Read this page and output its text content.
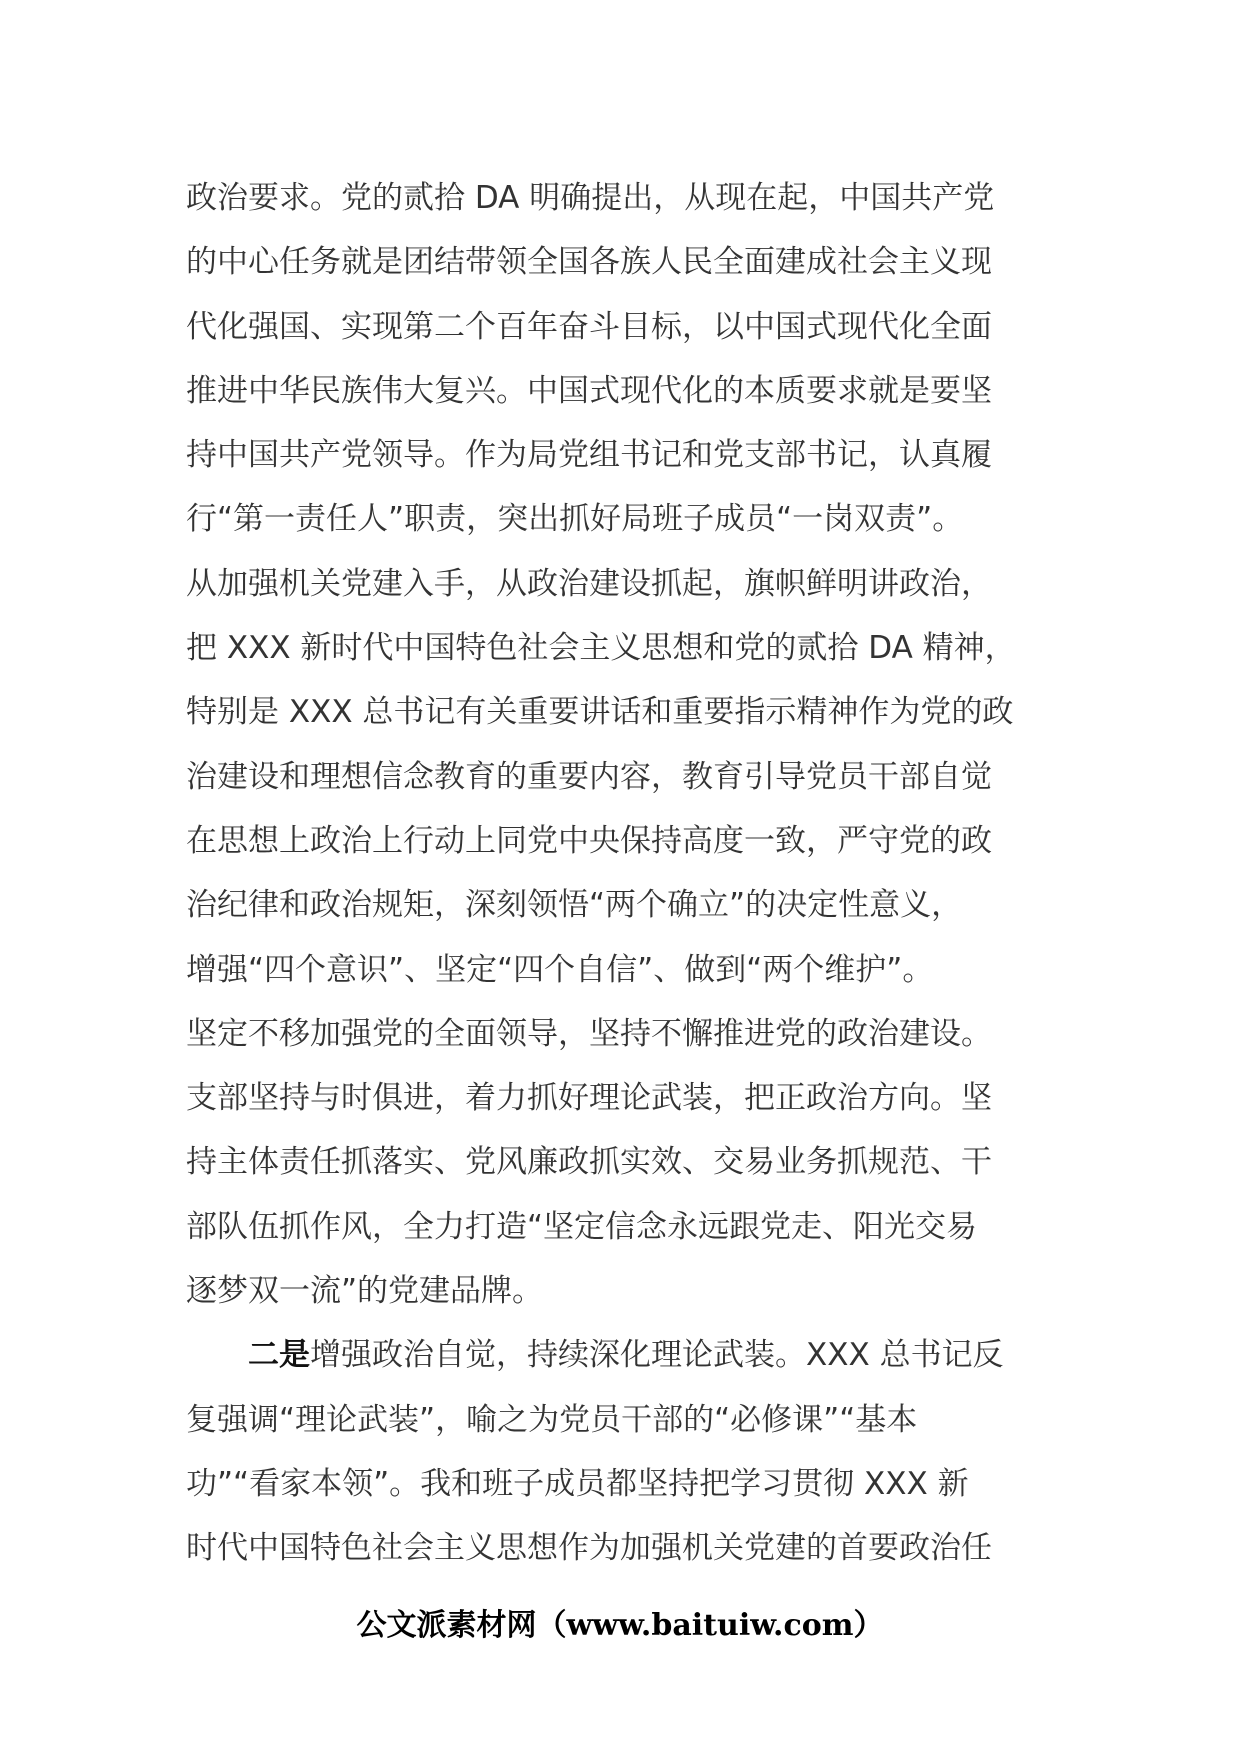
政治要求。党的贰拾 DA 明确提出，从现在起，中国共产党
的中心任务就是团结带领全国各族人民全面建成社会主义现
代化强国、实现第二个百年奋斗目标，以中国式现代化全面
推进中华民族伟大复兴。中国式现代化的本质要求就是要坚
持中国共产党领导。作为局党组书记和党支部书记，认真履
行“第一责任人”职责，突出抓好局班子成员“一岗双责”。
从加强机关党建入手，从政治建设抓起，旗帜鲜明讲政治，
把 XXX 新时代中国特色社会主义思想和党的贰拾 DA 精神，
特别是 XXX 总书记有关重要讲话和重要指示精神作为党的政
治建设和理想信念教育的重要内容，教育引导党员干部自觉
在思想上政治上行动上同党中央保持高度一致，严守党的政
治纪律和政治规矩，深刻领悟“两个确立”的决定性意义，
增强“四个意识”、坚定“四个自信”、做到“两个维护”。
坚定不移加强党的全面领导，坚持不懈推进党的政治建设。
支部坚持与时俱进，着力抓好理论武装，把正政治方向。坚
持主体责任抓落实、党风廉政抓实效、交易业务抓规范、干
部队伍抓作风，全力打造“坚定信念永远跟党走、阳光交易
逐梦双一流”的党建品牌。
二是增强政治自觉，持续深化理论武装。XXX 总书记反
复强调“理论武装”，喻之为党员干部的“必修课”“基本
功”“看家本领”。我和班子成员都坚持把学习贯彻 XXX 新
时代中国特色社会主义思想作为加强机关党建的首要政治任
公文派素材网（www.baituiw.com）
